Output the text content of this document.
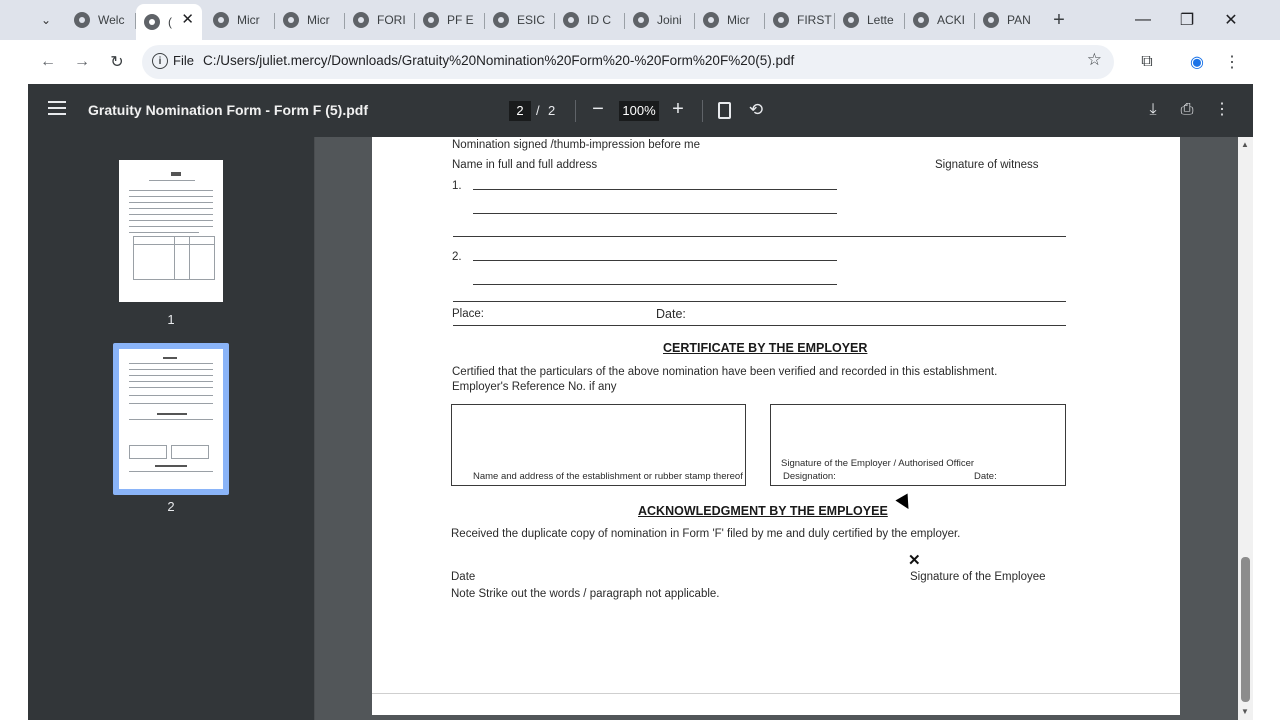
⌄	Welc	( ✕	Micr	Micr	FORI	PF E	ESIC	ID C	Joini	Micr	FIRST	Lette	ACKI	PAN +	— ❐ ✕
← → ↻	i File C:/Users/juliet.mercy/Downloads/Gratuity%20Nomination%20Form%20-%20Form%20F%20(5).pdf	☆ ⧉ ◉ ⋮
Gratuity Nomination Form - Form F (5).pdf	2 / 2 −	100% +	⟲	⤓	⎙ ⋮
1
2
Nomination signed /thumb-impression before me
Name in full and full address	Signature of witness
1.
2.
Place:	Date:
CERTIFICATE BY THE EMPLOYER
Certified that the particulars of the above nomination have been verified and recorded in this establishment.
Employer's Reference No. if any
Name and address of the establishment or rubber stamp thereof
Signature of the Employer / Authorised Officer
Designation:	Date:
ACKNOWLEDGMENT BY THE EMPLOYEE
Received the duplicate copy of nomination in Form 'F' filed by me and duly certified by the employer.
✕
Date	Signature of the Employee
Note Strike out the words / paragraph not applicable.
▲
▼
